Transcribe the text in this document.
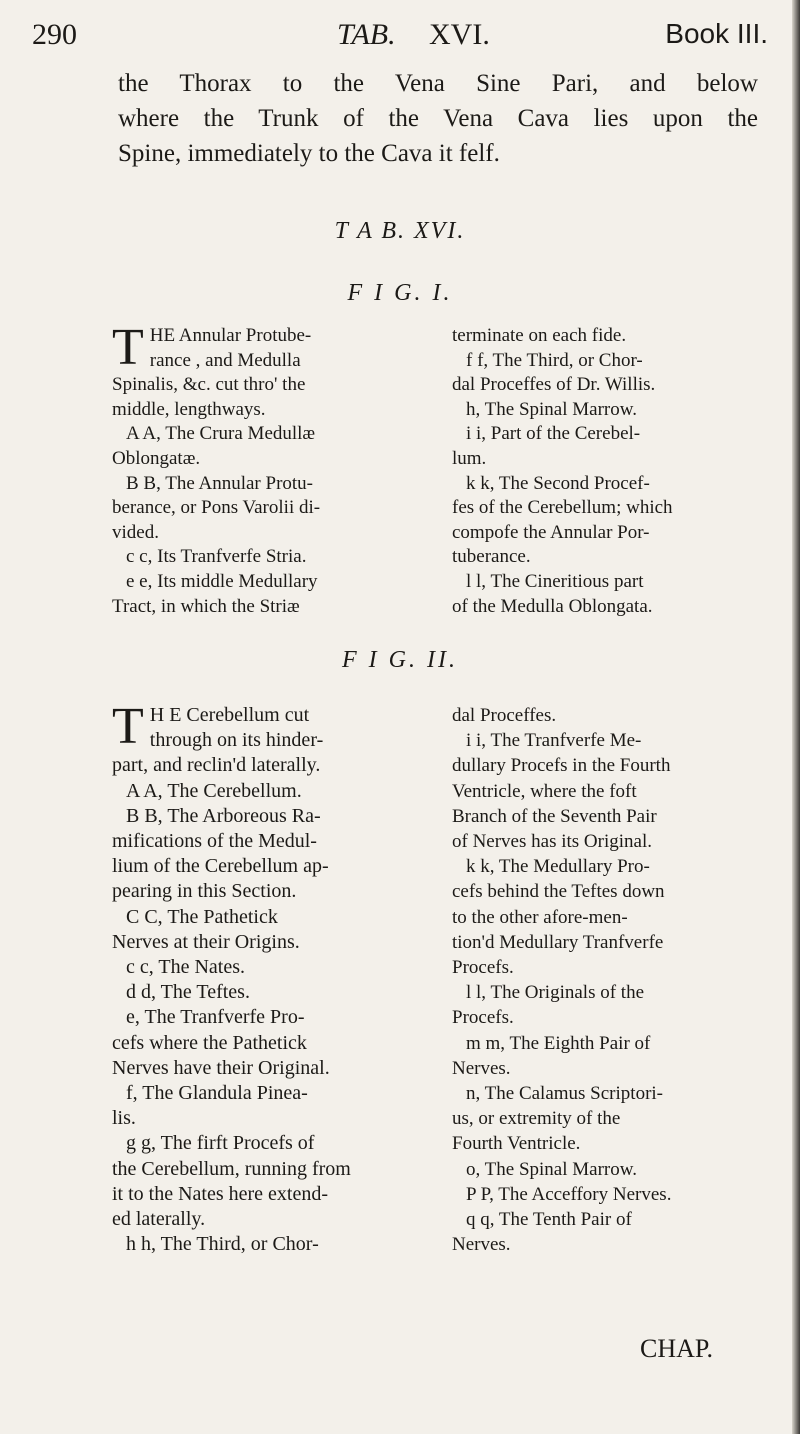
290	TAB. XVI.	Book III.

the Thorax to the Vena Sine Pari, and below

where the Trunk of the Vena Cava lies upon the

Spine, immediately to the Cava it felf.

T A B. XVI.
F I G. I.
T HE Annular Protube-

rance , and Medulla

Spinalis, &c. cut thro' the

middle, lengthways.

A A, The Crura Medullæ

Oblongatæ.

B B, The Annular Protu-

berance, or Pons Varolii di-

vided.

c c, Its Tranfverfe Stria.

e e, Its middle Medullary

Tract, in which the Striæ

terminate on each fide.

f f, The Third, or Chor-

dal Proceffes of Dr. Willis.

h, The Spinal Marrow.

i i, Part of the Cerebel-

lum.

k k, The Second Procef-

fes of the Cerebellum; which

compofe the Annular Por-

tuberance.

l l, The Cineritious part

of the Medulla Oblongata.

F I G. II.
T H E Cerebellum cut

through on its hinder-

part, and reclin'd laterally.

A A, The Cerebellum.

B B, The Arboreous Ra-

mifications of the Medul-

lium of the Cerebellum ap-

pearing in this Section.

C C, The Pathetick

Nerves at their Origins.

c c, The Nates.

d d, The Teftes.

e, The Tranfverfe Pro-

cefs where the Pathetick

Nerves have their Original.

f, The Glandula Pinea-

lis.

g g, The firft Procefs of

the Cerebellum, running from

it to the Nates here extend-

ed laterally.

h h, The Third, or Chor-

dal Proceffes.

i i, The Tranfverfe Me-

dullary Procefs in the Fourth

Ventricle, where the foft

Branch of the Seventh Pair

of Nerves has its Original.

k k, The Medullary Pro-

cefs behind the Teftes down

to the other afore-men-

tion'd Medullary Tranfverfe

Procefs.

l l, The Originals of the

Procefs.

m m, The Eighth Pair of

Nerves.

n, The Calamus Scriptori-

us, or extremity of the

Fourth Ventricle.

o, The Spinal Marrow.

P P, The Acceffory Nerves.

q q, The Tenth Pair of

Nerves.

CHAP.
